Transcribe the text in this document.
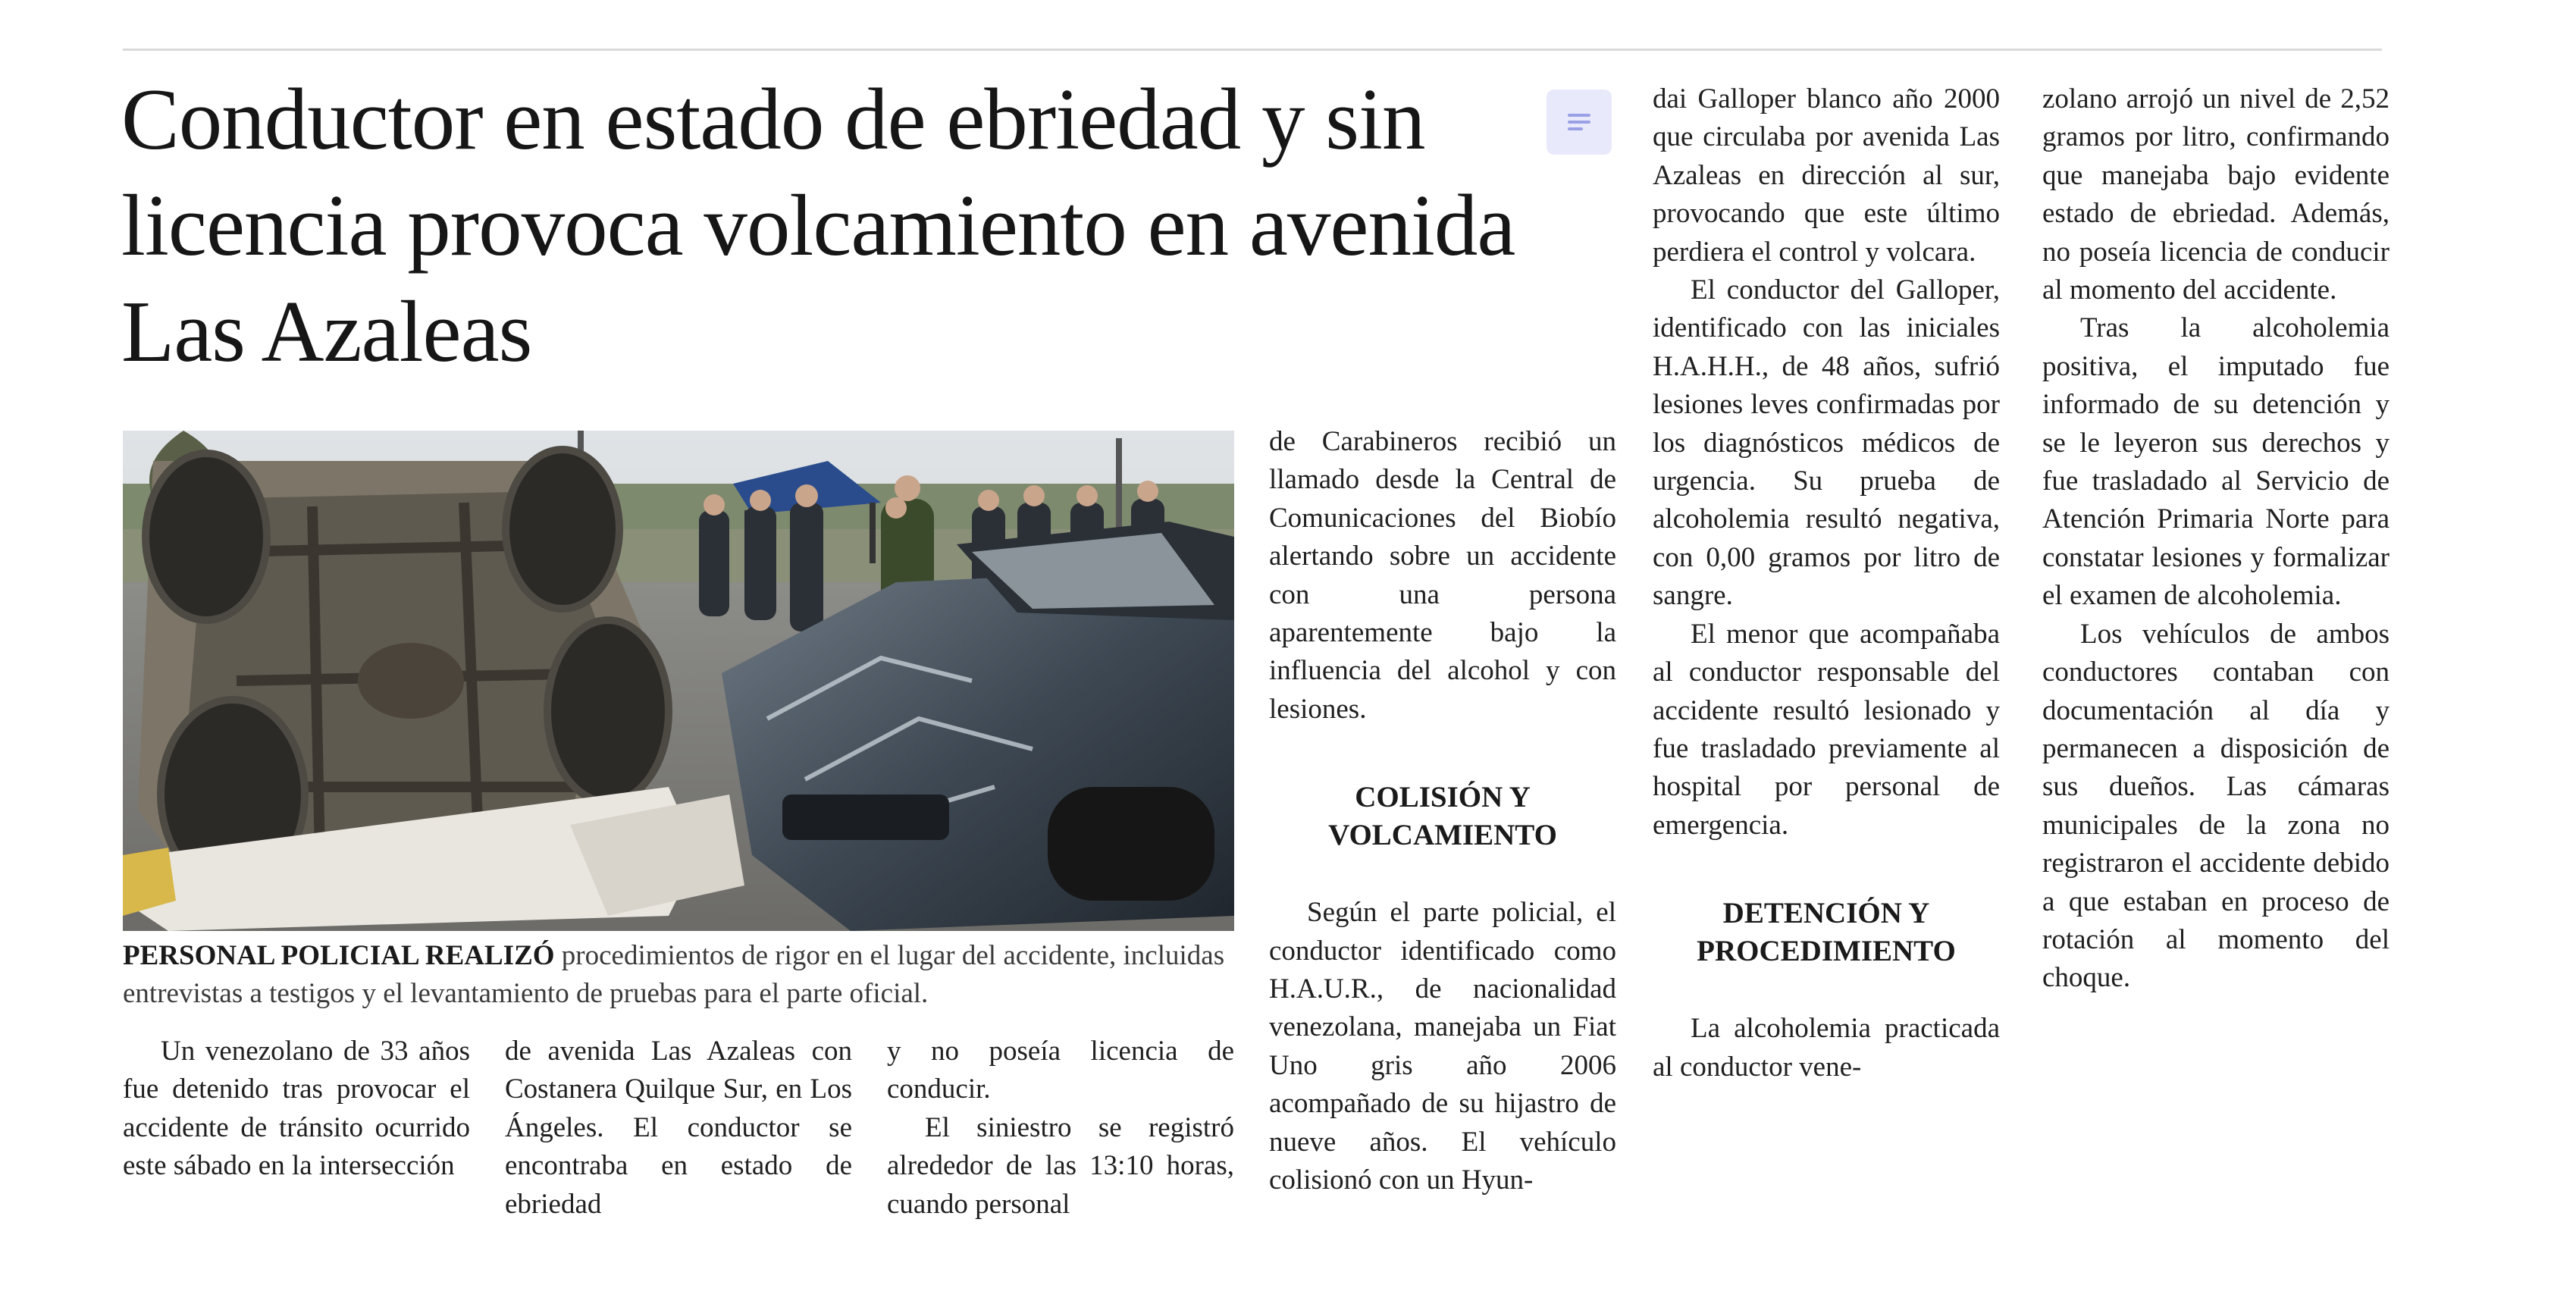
Conductor en estado de ebriedad y sin licencia provoca volcamiento en avenida Las Azaleas

PERSONAL POLICIAL REALIZÓ procedimientos de rigor en el lugar del accidente, incluidas entrevistas a testigos y el levantamiento de pruebas para el parte oficial.

Un venezolano de 33 años fue detenido tras provocar el accidente de tránsito ocurrido este sábado en la intersección

de avenida Las Azaleas con Costanera Quilque Sur, en Los Ángeles. El conductor se encontraba en estado de ebriedad

y no poseía licencia de conducir.

El siniestro se registró alrededor de las 13:10 horas, cuando personal

de Carabineros recibió un llamado desde la Central de Comunicaciones del Biobío alertando sobre un accidente con una persona aparentemente bajo la influencia del alcohol y con lesiones.

COLISIÓN Y VOLCAMIENTO

Según el parte policial, el conductor identificado como H.A.U.R., de nacionalidad venezolana, manejaba un Fiat Uno gris año 2006 acompañado de su hijastro de nueve años. El vehículo colisionó con un Hyun-

dai Galloper blanco año 2000 que circulaba por avenida Las Azaleas en dirección al sur, provocando que este último perdiera el control y volcara.

El conductor del Galloper, identificado con las iniciales H.A.H.H., de 48 años, sufrió lesiones leves confirmadas por los diagnósticos médicos de urgencia. Su prueba de alcoholemia resultó negativa, con 0,00 gramos por litro de sangre.

El menor que acompañaba al conductor responsable del accidente resultó lesionado y fue trasladado previamente al hospital por personal de emergencia.

DETENCIÓN Y PROCEDIMIENTO

La alcoholemia practicada al conductor vene-

zolano arrojó un nivel de 2,52 gramos por litro, confirmando que manejaba bajo evidente estado de ebriedad. Además, no poseía licencia de conducir al momento del accidente.

Tras la alcoholemia positiva, el imputado fue informado de su detención y se le leyeron sus derechos y fue trasladado al Servicio de Atención Primaria Norte para constatar lesiones y formalizar el examen de alcoholemia.

Los vehículos de ambos conductores contaban con documentación al día y permanecen a disposición de sus dueños. Las cámaras municipales de la zona no registraron el accidente debido a que estaban en proceso de rotación al momento del choque.
